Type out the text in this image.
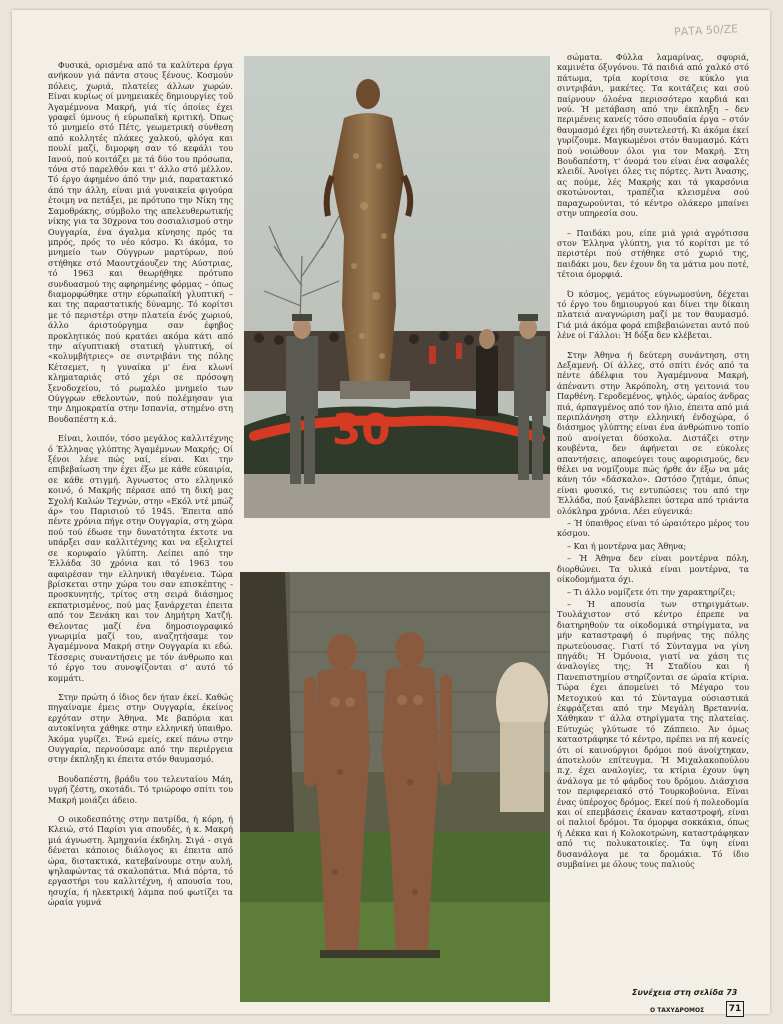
ΡΑΤΑ 50/ΖΕ

Φυσικά, ορισμένα από τα καλύτερα έργα ανήκουν γιά πάντα στους ξένους. Κοσμούν πόλεις, χωριά, πλατείες άλλων χωρών. Είναι κυρίως οί μνημειακές δημιουργίες τοῦ Άγαμέμνονα Μακρή, γιά τίς όποίες έχει γραφεῖ ύμνους ή εύρωπαϊκή κριτική. Όπως τό μνημείο στό Πέτς, γεωμετρική σύνθεση από κολλητές πλάκες χαλκού, φλόγα και πουλί μαζί, διμορφη σαν τό κεφάλι του Ιανού, πού κοιτάζει με τά δύο του πρόσωπα, τόνα στό παρελθόν και τ' άλλο στό μέλλον. Τό έργο άφημένο άπό την μιά, παρατακτικό άπό την άλλη, είναι μιά γυναικεία φιγούρα έτοιμη να πετάξει, με πρότυπο την Νίκη της Σαμοθράκης, σύμβολο της απελευθερωτικής νίκης για τα 30χρονα του σοσιαλισμού στην Ουγγαρία, ένα άγαλμα κίνησης πρός τα μπρός, πρός το νέο κόσμο. Κι άκόμα, το μνημείο των Ούγγρων μαρτύρων, πού στήθηκε στό Μαουτχάουζεν της Αύστριας, τό 1963 και θεωρήθηκε πρότυπο συνδυασμού της αφηρημένης φόρμας – όπως διαμορφώθηκε στην εύρωπαϊκή γλυπτική – και της παραστατικής δύναμης. Τό κορίτσι με τό περιστέρι στην πλατεία ένός χωριού, άλλο άριστούργημα σαν έφηβος προκλητικός πού κρατάει ακόμα κάτι από την αίγυπτιακή στατική γλυπτική, οί «κολυμβήτριες» σε σιντριβάνι της πόλης Κέτσεμετ, η γυναίκα μ' ένα κλωνί κληματαριάς στό χέρι σε πρόσοψη ξενοδοχείου, τό ρωμαλέο μνημείο των Ούγγρων εθελοντών, πού πολέμησαν για την Δημοκρατία στην Ισπανία, στημένο στη Βουδαπέστη κ.ά.

Είναι, λοιπόν, τόσο μεγάλος καλλιτέχνης ό Έλληνας γλύπτης Άγαμέμνων Μακρής; Οί ξένοι λένε πώς ναί, είναι. Και την επιβεβαίωση την έχει έξω με κάθε εύκαιρία, σε κάθε στιγμή. Άγνωστος στο ελληνικό κοινό, ό Μακρής πέρασε από τη δική μας Σχολή Καλών Τεχνών, στην «Εκόλ ντέ μπώζ άρ» του Παρισιού τό 1945. Έπειτα από πέντε χρόνια πήγε στην Ουγγαρία, στη χώρα πού τού έδωσε την δυνατότητα έκτοτε να υπάρξει σαν καλλιτέχνης και να εξελιχτεί σε κορυφαίο γλύπτη. Λείπει από την Έλλάδα 30 χρόνια και τό 1963 του αφαιρέσαν την ελληνική ιθαγένεια. Τώρα βρίσκεται στην χώρα του σαν επισκέπτης - προσκυνητής, τρίτος στη σειρά διάσημος εκπατρισμένος, πού μας ξανάρχεται έπειτα από τον Ξενάκη και τον Δημήτρη Χατζή. Θελοντας μαζί ένα δημοσιογραφικό γνωριμία μαζί του, αναζητήσαμε τον Άγαμέμνονα Μακρή στην Ουγγαρία κι εδώ. Τέσσερις συναντήσεις με τόν άνθρωπο και τό έργο του συνοψίζονται σ' αυτό τό κομμάτι.

Στην πρώτη ό ίδιος δεν ήταν έκεί. Καθώς πηγαίναμε έμεις στην Ουγγαρία, έκείνος ερχόταν στην Άθηνα. Με βαπόρια και αυτοκίνητα χάθηκε στην ελληνική ύπαιθρο. Άκόμα γυρίζει. Ένώ εμείς, εκεί πάνω στην Ουγγαρία, περνούσαμε από την περιέργεια στην έκπληξη κι έπειτα στόν θαυμασμό.

Βουδαπέστη, βράδυ του τελευταίου Μάη, υγρή ζέστη, σκοτάδι. Τό τριώροφο σπίτι του Μακρή μοιάζει άδειο.

Ο οικοδεσπότης στην πατρίδα, ή κόρη, ή Κλειώ, στό Παρίσι για σπουδές, ή κ. Μακρή μιά άγνωστη. Άμηχανία έκδηλη. Σιγά - σιγά δένεται κάποιος διάλογος κι έπειτα από ώρα, διστακτικά, κατεβαίνουμε στην αυλή, ψηλαφώντας τά σκαλοπάτια. Μιά πόρτα, τό εργαστήρι του καλλιτέχνη, ή απουσία του, ησυχία, ή ηλεκτρική λάμπα πού φωτίζει τα ώραία γυμνά

30

σώματα. Φύλλα λαμαρίνας, σφυριά, καμινέτα όξυγόνου. Τά παιδιά από χαλκό στό πάτωμα, τρία κορίτσια σε κύκλο για σιντριβάνι, μακέτες. Τα κοιτάζεις και σού παίρνουν όλοένα περισσότερο καρδιά και νού. Ή μετάβαση από την έκπληξη – δεν περιμένεις κανείς τόσο σπουδαία έργα – στόν θαυμασμό έχει ήδη συντελεστή. Κι άκόμα έκεί γυρίζουμε. Μαγκωμένοι στόν θαυμασμό. Κάτι πού νοιώθουν όλοι για τον Μακρή. Στη Βουδαπέστη, τ' όνομά του είναι ένα ασφαλές κλειδί. Άνοίγει όλες τις πόρτες. Άντι Άνασης, ας πούμε, λές Μακρής και τά γκαρσόνια σκοτώνονται, τραπέζια κλεισμένα σού παραχωρούνται, τό κέντρο ολάκερο μπαίνει στην υπηρεσία σου.

– Παιδάκι μου, είπε μιά γριά αγρότισσα στον Έλληνα γλύπτη, για τό κορίτσι με τό περιστέρι πού στήθηκε στό χωριό της, παιδάκι μου, δεν έχουν δη τα μάτια μου ποτέ, τέτοια όμορφιά.

Ό κόσμος, γεμάτος εύγνωμοσύνη, δέχεται τό έργο του δημιουργού και δίνει την δίκαιη πλατειά αναγνώριση μαζί με τον θαυμασμό. Γιά μιά άκόμα φορά επιβεβαιώνεται αυτό πού λένε οί Γάλλοι: Ή δόξα δεν κλέβεται.

Στην Άθηνα ή δεύτερη συνάντηση, στη Δεξαμενή. Οί άλλες, στό σπίτι ένός από τα πέντε άδέλφια του Άγαμέμνονα Μακρή, άπέναντι στην Άκρόπολη, στη γειτονιά του Παρθένη. Γεροδεμένος, ψηλός, ώραίος άνδρας πιά, άρπαγμένος από τον ήλιο, έπειτα από μιά περιπλάνηση στην ελληνική ένδοχώρα, ό διάσημος γλύπτης είναι ένα άνθρώπινο τοπίο πού ανοίγεται δύσκολα. Διστάζει στην κουβέντα, δεν άφήνεται σε εύκολες απαντήσεις, αποφεύγει τους αφορισμούς, δεν θέλει να νομίζουμε πώς ήρθε άν έξω να μάς κάνη τόν «δάσκαλο». Ωστόσο ζητάμε, όπως είναι φυσικό, τις εντυπώσεις του από την Έλλάδα, πού ξανάβλεπει ύστερα από τριάντα ολόκληρα χρόνια. Λέει εύγενικά:

– Ή ύπαιθρος είναι τό ώραιότερο μέρος του κόσμου.

– Και ή μοντέρνα μας Άθηνα;

– Ή Άθηνα δεν είναι μοντέρνα πόλη, διορθώνει. Τα υλικά είναι μοντέρνα, τα οίκοδομήματα όχι.

– Τι άλλο νομίζετε ότι την χαρακτηρίζει;

– Ή απουσία των στηριγμάτων. Τουλάχιστον στό κέντρο έπρεπε να διατηρηθούν τα οίκοδομικά στηρίγματα, να μήν καταστραφή ό πυρήνας της πόλης πρωτεύουσας. Γιατί τό Σύνταγμα να γίνη πηγάδι; Ή Όμόνοια, γιατί να χάση τις άναλογίες της; Ή Σταδίου και ή Πανεπιστημίου στηρίζονται σε ώραία κτίρια. Τώρα έχει άπομείνει τό Μέγαρο του Μετοχικού και τό Σύνταγμα ούσιαστικά έκφράζεται από την Μεγάλη Βρεταννία. Χάθηκαν τ' άλλα στηρίγματα της πλατείας. Εύτυχώς γλύτωσε τό Ζάππειο. Άν όμως καταστράφηκε τό κέντρο, πρέπει να πή κανείς ότι οί καινούργιοι δρόμοι πού άνοίχτηκαν, άποτελούν επίτευγμα. Ή Μιχαλακοπούλου π.χ. έχει αναλογίες, τα κτίρια έχουν ύψη άνάλογα με τό φάρδος του δρόμου. Διάσχισα τον περιφερειακό στό Τουρκοβούνια. Είναι ένας ύπέροχος δρόμος. Εκεί πού ή πολεοδομία και οί επεμβάσεις έκαναν καταστροφή, είναι οί παλιοί δρόμοι. Τα όμορφα σοκκάκια, όπως ή Λέκκα και ή Κολοκοτρώνη, καταστράφηκαν από τις πολυκατοικίες. Τα ύψη είναι δυσανάλογα με τα δρομάκια. Τό ίδιο συμβαίνει με όλους τους παλιούς

Συνέχεια στη σελίδα 73
Ο ΤΑΧΥΔΡΟΜΟΣ	71
